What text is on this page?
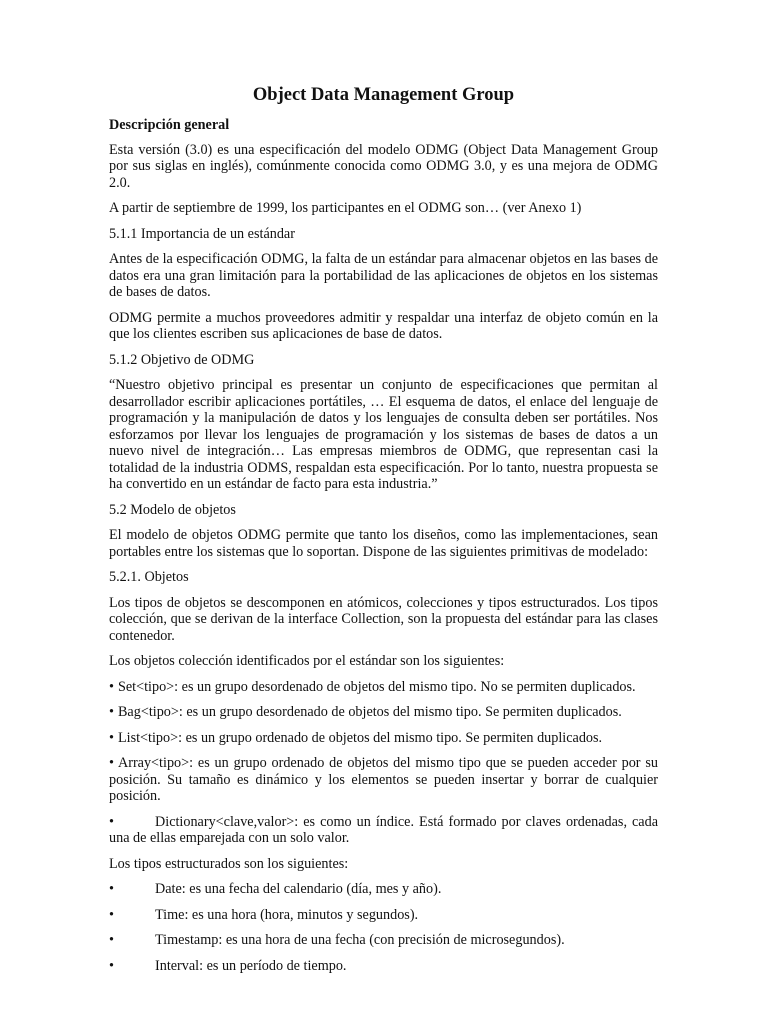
Object Data Management Group
Descripción general

Esta versión (3.0) es una especificación del modelo ODMG (Object Data Management Group por sus siglas en inglés), comúnmente conocida como ODMG 3.0, y es una mejora de ODMG 2.0.

A partir de septiembre de 1999, los participantes en el ODMG son… (ver Anexo 1)

5.1.1 Importancia de un estándar

Antes de la especificación ODMG, la falta de un estándar para almacenar objetos en las bases de datos era una gran limitación para la portabilidad de las aplicaciones de objetos en los sistemas de bases de datos.

ODMG permite a muchos proveedores admitir y respaldar una interfaz de objeto común en la que los clientes escriben sus aplicaciones de base de datos.

5.1.2 Objetivo de ODMG

“Nuestro objetivo principal es presentar un conjunto de especificaciones que permitan al desarrollador escribir aplicaciones portátiles, … El esquema de datos, el enlace del lenguaje de programación y la manipulación de datos y los lenguajes de consulta deben ser portátiles. Nos esforzamos por llevar los lenguajes de programación y los sistemas de bases de datos a un nuevo nivel de integración… Las empresas miembros de ODMG, que representan casi la totalidad de la industria ODMS, respaldan esta especificación. Por lo tanto, nuestra propuesta se ha convertido en un estándar de facto para esta industria.”

5.2 Modelo de objetos

El modelo de objetos ODMG permite que tanto los diseños, como las implementaciones, sean portables entre los sistemas que lo soportan. Dispone de las siguientes primitivas de modelado:

5.2.1. Objetos

Los tipos de objetos se descomponen en atómicos, colecciones y tipos estructurados. Los tipos colección, que se derivan de la interface Collection, son la propuesta del estándar para las clases contenedor.

Los objetos colección identificados por el estándar son los siguientes:

• Set<tipo>: es un grupo desordenado de objetos del mismo tipo. No se permiten duplicados.
• Bag<tipo>: es un grupo desordenado de objetos del mismo tipo. Se permiten duplicados.
• List<tipo>: es un grupo ordenado de objetos del mismo tipo. Se permiten duplicados.
• Array<tipo>: es un grupo ordenado de objetos del mismo tipo que se pueden acceder por su posición. Su tamaño es dinámico y los elementos se pueden insertar y borrar de cualquier posición.
•	Dictionary<clave,valor>: es como un índice. Está formado por claves ordenadas, cada una de ellas emparejada con un solo valor.

Los tipos estructurados son los siguientes:

•	Date: es una fecha del calendario (día, mes y año).
•	Time: es una hora (hora, minutos y segundos).
•	Timestamp: es una hora de una fecha (con precisión de microsegundos).
•	Interval: es un período de tiempo.
